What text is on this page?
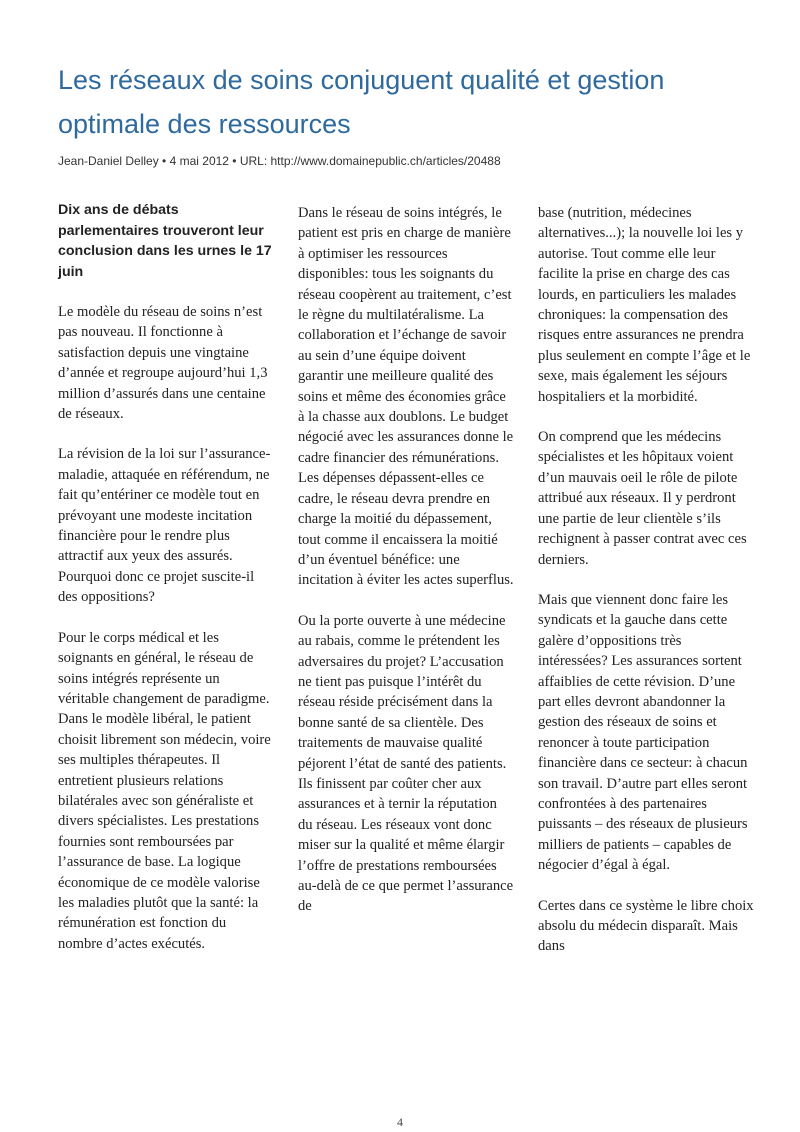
Les réseaux de soins conjuguent qualité et gestion optimale des ressources

Jean-Daniel Delley • 4 mai 2012 • URL: http://www.domainepublic.ch/articles/20488

Dix ans de débats parlementaires trouveront leur conclusion dans les urnes le 17 juin

Le modèle du réseau de soins n’est pas nouveau. Il fonctionne à satisfaction depuis une vingtaine d’année et regroupe aujourd’hui 1,3 million d’assurés dans une centaine de réseaux.

La révision de la loi sur l’assurance-maladie, attaquée en référendum, ne fait qu’entériner ce modèle tout en prévoyant une modeste incitation financière pour le rendre plus attractif aux yeux des assurés. Pourquoi donc ce projet suscite-il des oppositions?

Pour le corps médical et les soignants en général, le réseau de soins intégrés représente un véritable changement de paradigme. Dans le modèle libéral, le patient choisit librement son médecin, voire ses multiples thérapeutes. Il entretient plusieurs relations bilatérales avec son généraliste et divers spécialistes. Les prestations fournies sont remboursées par l’assurance de base. La logique économique de ce modèle valorise les maladies plutôt que la santé: la rémunération est fonction du nombre d’actes exécutés.

Dans le réseau de soins intégrés, le patient est pris en charge de manière à optimiser les ressources disponibles: tous les soignants du réseau coopèrent au traitement, c’est le règne du multilatéralisme. La collaboration et l’échange de savoir au sein d’une équipe doivent garantir une meilleure qualité des soins et même des économies grâce à la chasse aux doublons. Le budget négocié avec les assurances donne le cadre financier des rémunérations. Les dépenses dépassent-elles ce cadre, le réseau devra prendre en charge la moitié du dépassement, tout comme il encaissera la moitié d’un éventuel bénéfice: une incitation à éviter les actes superflus.

Ou la porte ouverte à une médecine au rabais, comme le prétendent les adversaires du projet? L’accusation ne tient pas puisque l’intérêt du réseau réside précisément dans la bonne santé de sa clientèle. Des traitements de mauvaise qualité péjorent l’état de santé des patients. Ils finissent par coûter cher aux assurances et à ternir la réputation du réseau. Les réseaux vont donc miser sur la qualité et même élargir l’offre de prestations remboursées au-delà de ce que permet l’assurance de

base (nutrition, médecines alternatives...); la nouvelle loi les y autorise. Tout comme elle leur facilite la prise en charge des cas lourds, en particuliers les malades chroniques: la compensation des risques entre assurances ne prendra plus seulement en compte l’âge et le sexe, mais également les séjours hospitaliers et la morbidité.

On comprend que les médecins spécialistes et les hôpitaux voient d’un mauvais oeil le rôle de pilote attribué aux réseaux. Il y perdront une partie de leur clientèle s’ils rechignent à passer contrat avec ces derniers.

Mais que viennent donc faire les syndicats et la gauche dans cette galère d’oppositions très intéressées? Les assurances sortent affaiblies de cette révision. D’une part elles devront abandonner la gestion des réseaux de soins et renoncer à toute participation financière dans ce secteur: à chacun son travail. D’autre part elles seront confrontées à des partenaires puissants – des réseaux de plusieurs milliers de patients – capables de négocier d’égal à égal.

Certes dans ce système le libre choix absolu du médecin disparaît. Mais dans

4
